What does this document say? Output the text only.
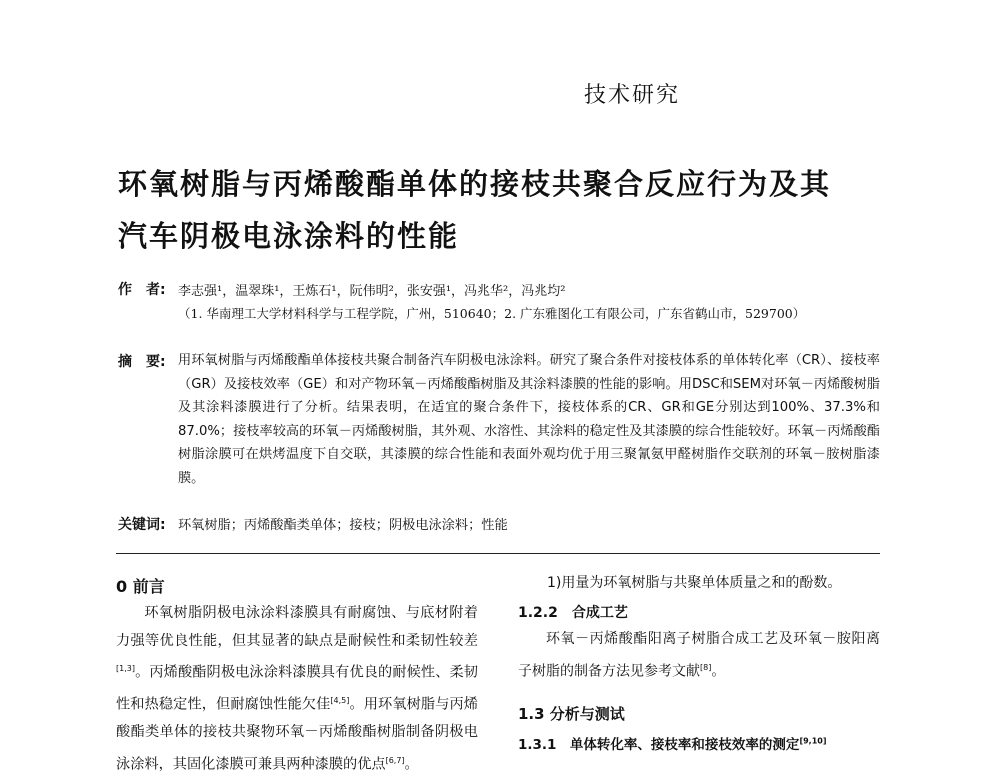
技术研究
环氧树脂与丙烯酸酯单体的接枝共聚合反应行为及其
汽车阴极电泳涂料的性能
作　者: 李志强¹，温翠珠¹，王炼石¹，阮伟明²，张安强¹，冯兆华²，冯兆均²
（1. 华南理工大学材料科学与工程学院，广州，510640；2. 广东雅图化工有限公司，广东省鹤山市，529700）
摘　要: 用环氧树脂与丙烯酸酯单体接枝共聚合制备汽车阴极电泳涂料。研究了聚合条件对接枝体系的单体转化率（CR）、接枝率（GR）及接枝效率（GE）和对产物环氧－丙烯酸酯树脂及其涂料漆膜的性能的影响。用DSC和SEM对环氧－丙烯酸树脂及其涂料漆膜进行了分析。结果表明，在适宜的聚合条件下，接枝体系的CR、GR和GE分别达到100%、37.3%和87.0%；接枝率较高的环氧－丙烯酸树脂，其外观、水溶性、其涂料的稳定性及其漆膜的综合性能较好。环氧－丙烯酸酯树脂涂膜可在烘烤温度下自交联，其漆膜的综合性能和表面外观均优于用三聚氰氨甲醛树脂作交联剂的环氧－胺树脂漆膜。
关键词: 环氧树脂；丙烯酸酯类单体；接枝；阴极电泳涂料；性能
0 前言
环氧树脂阴极电泳涂料漆膜具有耐腐蚀、与底材附着力强等优良性能，但其显著的缺点是耐候性和柔韧性较差[1,3]。丙烯酸酯阴极电泳涂料漆膜具有优良的耐候性、柔韧性和热稳定性，但耐腐蚀性能欠佳[4,5]。用环氧树脂与丙烯酸酯类单体的接枝共聚物环氧－丙烯酸酯树脂制备阴极电泳涂料，其固化漆膜可兼具两种漆膜的优点[6,7]。
1)用量为环氧树脂与共聚单体质量之和的酚数。
1.2.2　合成工艺
环氧－丙烯酸酯阳离子树脂合成工艺及环氧－胺阳离子树脂的制备方法见参考文献[8]。
1.3 分析与测试
1.3.1　单体转化率、接枝率和接枝效率的测定[9,10]
